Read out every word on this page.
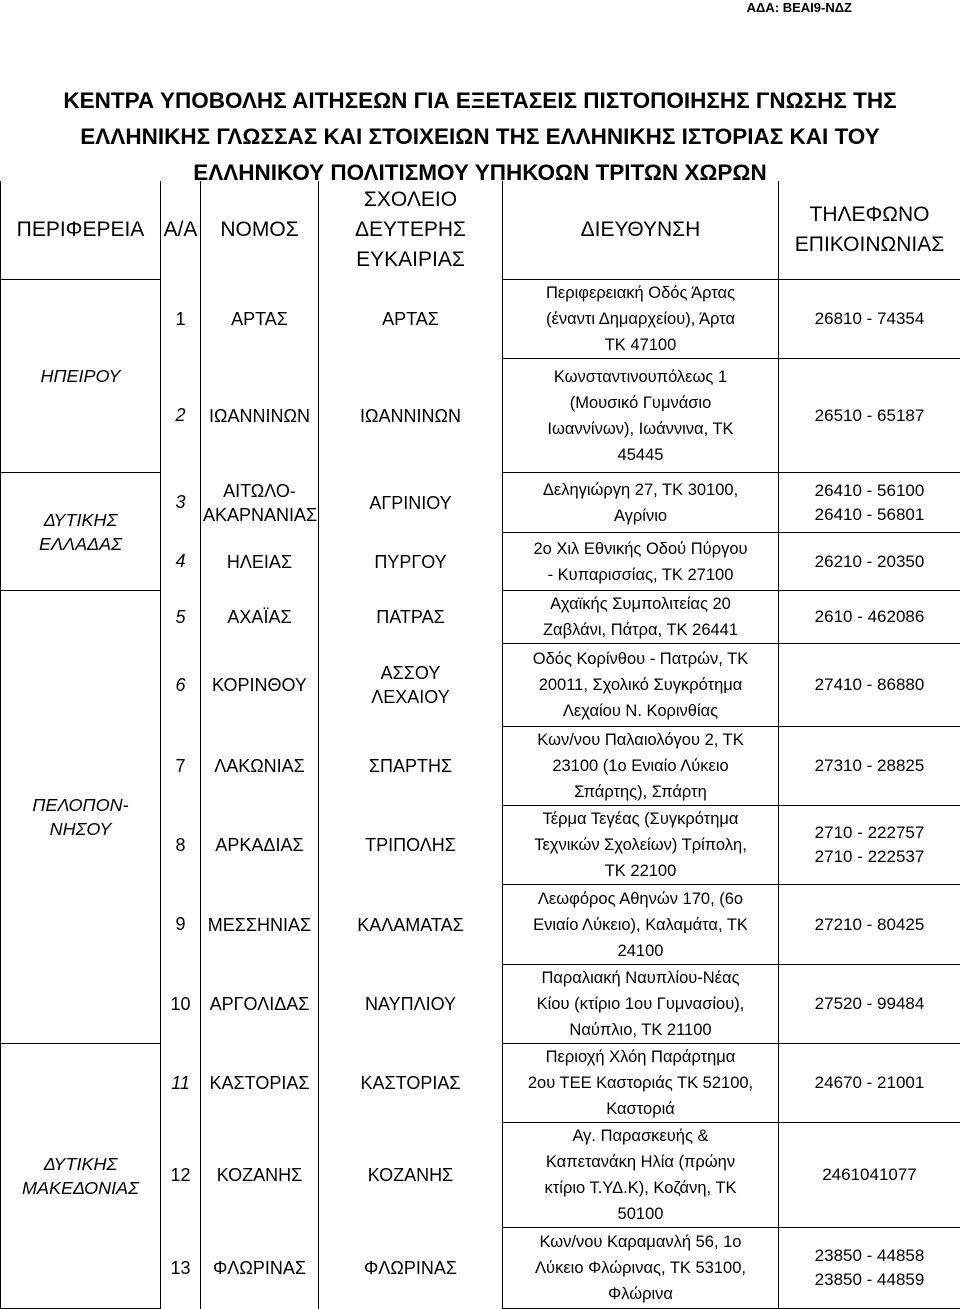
ΑΔΑ: ΒΕΑΙ9-ΝΔΖ
ΚΕΝΤΡΑ ΥΠΟΒΟΛΗΣ ΑΙΤΗΣΕΩΝ ΓΙΑ ΕΞΕΤΑΣΕΙΣ ΠΙΣΤΟΠΟΙΗΣΗΣ ΓΝΩΣΗΣ ΤΗΣ
ΕΛΛΗΝΙΚΗΣ ΓΛΩΣΣΑΣ ΚΑΙ ΣΤΟΙΧΕΙΩΝ ΤΗΣ ΕΛΛΗΝΙΚΗΣ ΙΣΤΟΡΙΑΣ ΚΑΙ ΤΟΥ
ΕΛΛΗΝΙΚΟΥ ΠΟΛΙΤΙΣΜΟΥ ΥΠΗΚΟΩΝ ΤΡΙΤΩΝ ΧΩΡΩΝ
ΠΕΡΙΦΕΡΕΙΑ	Α/Α	ΝΟΜΟΣ	ΣΧΟΛΕΙΟ
ΔΕΥΤΕΡΗΣ
ΕΥΚΑΙΡΙΑΣ	ΔΙΕΥΘΥΝΣΗ	ΤΗΛΕΦΩΝΟ
ΕΠΙΚΟΙΝΩΝΙΑΣ

ΗΠΕΙΡΟΥ	1	ΑΡΤΑΣ	ΑΡΤΑΣ	Περιφερειακή Οδός Άρτας
(έναντι Δημαρχείου), Άρτα
ΤΚ 47100	26810 - 74354

	2	ΙΩΑΝΝΙΝΩΝ	ΙΩΑΝΝΙΝΩΝ	Κωνσταντινουπόλεως 1
(Μουσικό Γυμνάσιο
Ιωαννίνων), Ιωάννινα, ΤΚ
45445	26510 - 65187

ΔΥΤΙΚΗΣ
ΕΛΛΑΔΑΣ	3	ΑΙΤΩΛΟ-
ΑΚΑΡΝΑΝΙΑΣ	ΑΓΡΙΝΙΟΥ	Δεληγιώργη 27, ΤΚ 30100,
Αγρίνιο	26410 - 56100
26410 - 56801

	4	ΗΛΕΙΑΣ	ΠΥΡΓΟΥ	2ο Χιλ Εθνικής Οδού Πύργου
- Κυπαρισσίας, ΤΚ 27100	26210 - 20350

ΠΕΛΟΠΟΝ-
ΝΗΣΟΥ	5	ΑΧΑΪΑΣ	ΠΑΤΡΑΣ	Αχαϊκής Συμπολιτείας 20
Ζαβλάνι, Πάτρα, ΤΚ 26441	2610 - 462086

	6	ΚΟΡΙΝΘΟΥ	ΑΣΣΟΥ
ΛΕΧΑΙΟΥ	Οδός Κορίνθου - Πατρών, ΤΚ
20011, Σχολικό Συγκρότημα
Λεχαίου Ν. Κορινθίας	27410 - 86880

	7	ΛΑΚΩΝΙΑΣ	ΣΠΑΡΤΗΣ	Κων/νου Παλαιολόγου 2, ΤΚ
23100 (1ο Ενιαίο Λύκειο
Σπάρτης), Σπάρτη	27310 - 28825

	8	ΑΡΚΑΔΙΑΣ	ΤΡΙΠΟΛΗΣ	Τέρμα Τεγέας (Συγκρότημα
Τεχνικών Σχολείων) Τρίπολη,
ΤΚ 22100	2710 - 222757
2710 - 222537

	9	ΜΕΣΣΗΝΙΑΣ	ΚΑΛΑΜΑΤΑΣ	Λεωφόρος Αθηνών 170, (6ο
Ενιαίο Λύκειο), Καλαμάτα, ΤΚ
24100	27210 - 80425

	10	ΑΡΓΟΛΙΔΑΣ	ΝΑΥΠΛΙΟΥ	Παραλιακή Ναυπλίου-Νέας
Κίου (κτίριο 1ου Γυμνασίου),
Ναύπλιο, ΤΚ 21100	27520 - 99484

ΔΥΤΙΚΗΣ
ΜΑΚΕΔΟΝΙΑΣ	11	ΚΑΣΤΟΡΙΑΣ	ΚΑΣΤΟΡΙΑΣ	Περιοχή Χλόη Παράρτημα
2ου ΤΕΕ Καστοριάς ΤΚ 52100,
Καστοριά	24670 - 21001

	12	ΚΟΖΑΝΗΣ	ΚΟΖΑΝΗΣ	Αγ. Παρασκευής &
Καπετανάκη Ηλία (πρώην
κτίριο Τ.ΥΔ.Κ), Κοζάνη, ΤΚ
50100	2461041077

	13	ΦΛΩΡΙΝΑΣ	ΦΛΩΡΙΝΑΣ	Κων/νου Καραμανλή 56, 1ο
Λύκειο Φλώρινας, ΤΚ 53100,
Φλώρινα	23850 - 44858
23850 - 44859
